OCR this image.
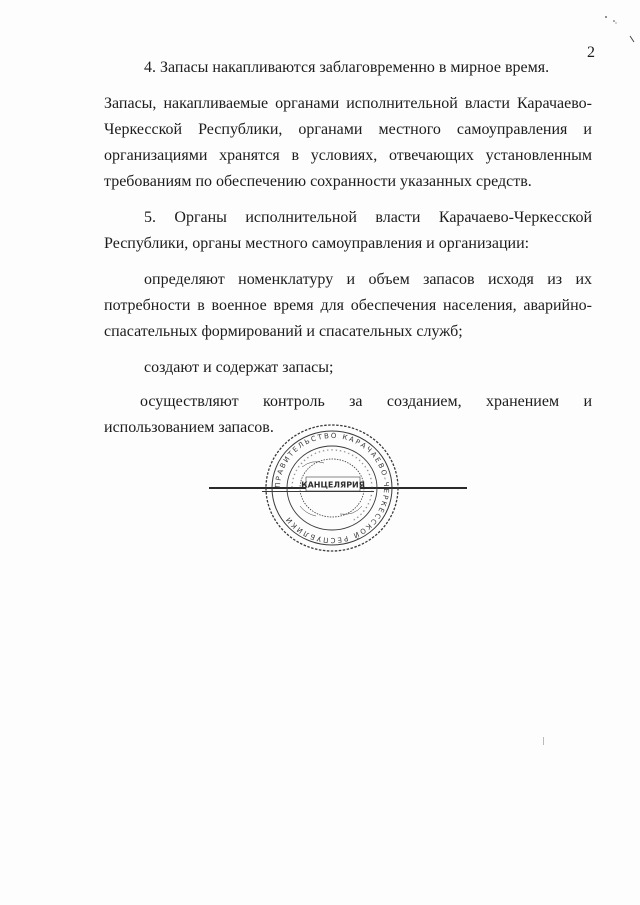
2

4. Запасы накапливаются заблаговременно в мирное время.

Запасы, накапливаемые органами исполнительной власти Карачаево-Черкесской Республики, органами местного самоуправления и организациями хранятся в условиях, отвечающих установленным требованиям по обеспечению сохранности указанных средств.

5. Органы исполнительной власти Карачаево-Черкесской Республики, органы местного самоуправления и организации:

определяют номенклатуру и объем запасов исходя из их потребности в военное время для обеспечения населения, аварийно-спасательных формирований и спасательных служб;

создают и содержат запасы;

осуществляют контроль за созданием, хранением и использованием запасов.

ПРАВИТЕЛЬСТВО КАРАЧАЕВО-ЧЕРКЕССКОЙ РЕСПУБЛИКИ
* * * * * * * * * * * * * * * * * * * * * * * * * * * * * * * * * * * * * *
КАНЦЕЛЯРИЯ
